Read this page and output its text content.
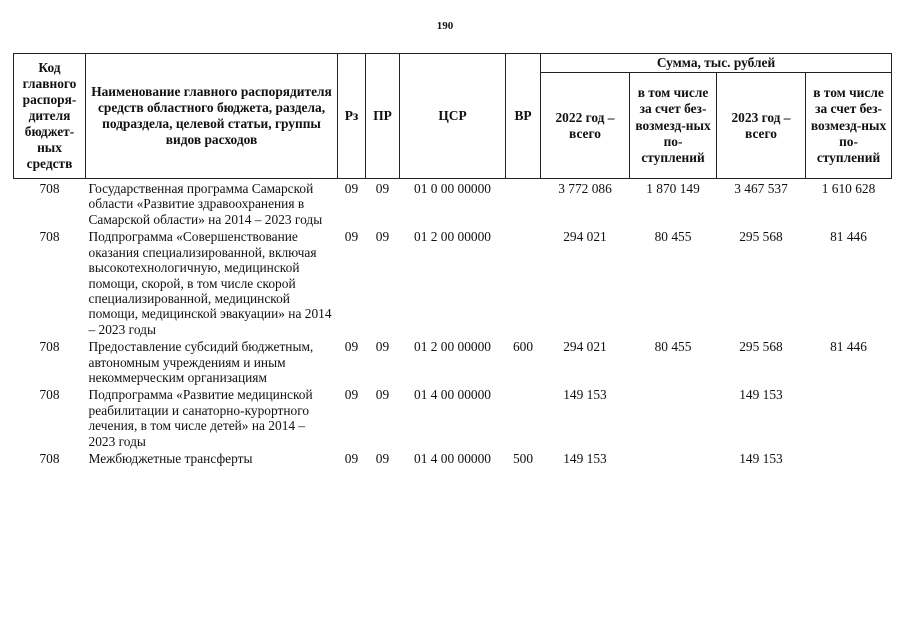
190
Код главного распоря-дителя бюджет-ных средств	Наименование главного распорядителя средств областного бюджета, раздела, подраздела, целевой статьи, группы видов расходов	Рз	ПР	ЦСР	ВР	Сумма, тыс. рублей			
						2022 год – всего	в том числе за счет без-возмезд-ных по-ступлений	2023 год – всего	в том числе за счет без-возмезд-ных по-ступлений
708	Государственная программа Самарской области «Развитие здравоохранения в Самарской области» на 2014 – 2023 годы	09	09	01 0 00 00000		3 772 086	1 870 149	3 467 537	1 610 628
708	Подпрограмма «Совершенствование оказания специализированной, включая высокотехнологичную, медицинской помощи, скорой, в том числе скорой специализированной, медицинской помощи, медицинской эвакуации» на 2014 – 2023 годы	09	09	01 2 00 00000		294 021	80 455	295 568	81 446
708	Предоставление субсидий бюджетным, автономным учреждениям и иным некоммерческим организациям	09	09	01 2 00 00000	600	294 021	80 455	295 568	81 446
708	Подпрограмма «Развитие медицинской реабилитации и санаторно-курортного лечения, в том числе детей» на 2014 – 2023 годы	09	09	01 4 00 00000		149 153		149 153	
708	Межбюджетные трансферты	09	09	01 4 00 00000	500	149 153		149 153	
